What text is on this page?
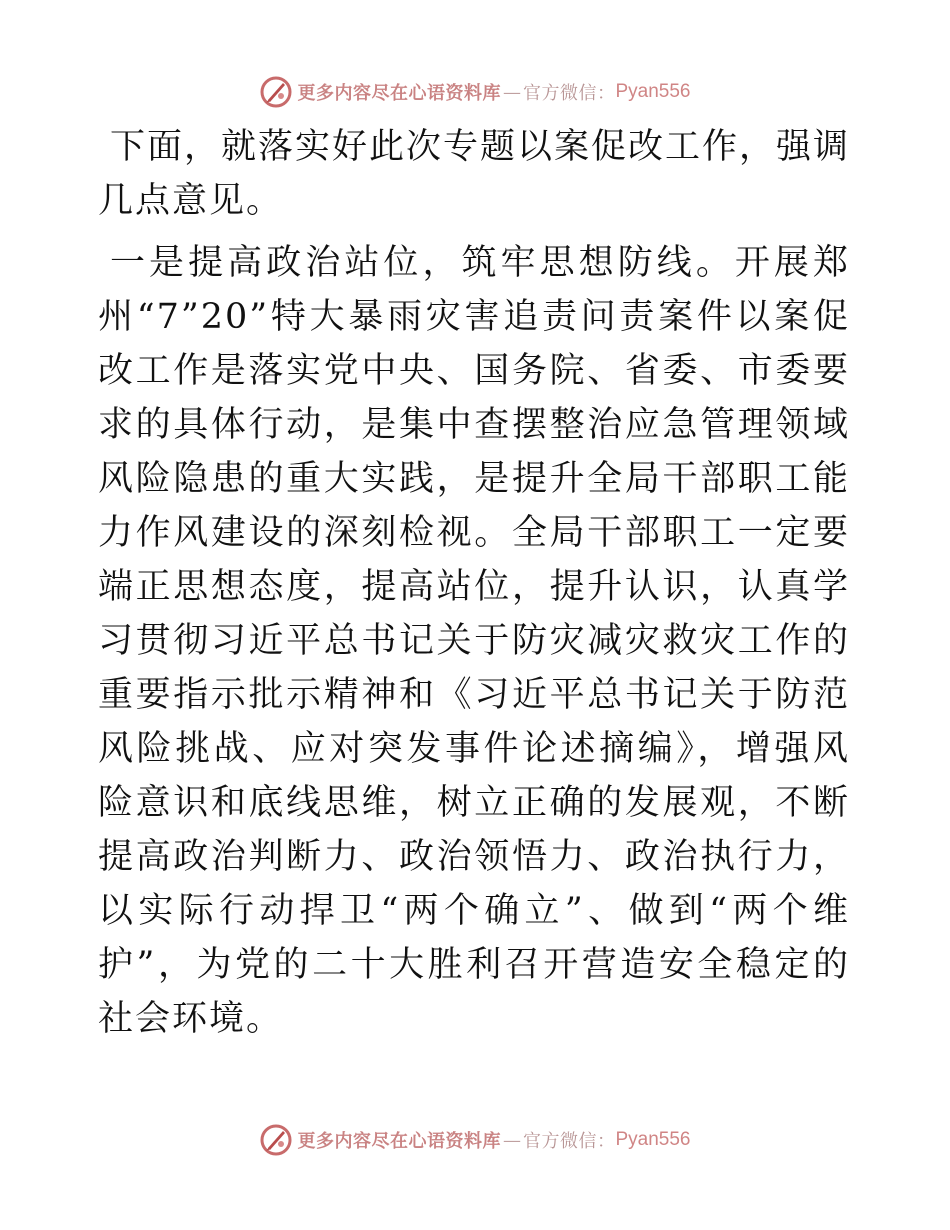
更多内容尽在心语资料库 — 官方微信： Pyan556

下面，就落实好此次专题以案促改工作，强调几点意见。

一是提高政治站位，筑牢思想防线。开展郑州“7”20”特大暴雨灾害追责问责案件以案促改工作是落实党中央、国务院、省委、市委要求的具体行动，是集中查摆整治应急管理领域风险隐患的重大实践，是提升全局干部职工能力作风建设的深刻检视。全局干部职工一定要端正思想态度，提高站位，提升认识，认真学习贯彻习近平总书记关于防灾减灾救灾工作的重要指示批示精神和《习近平总书记关于防范风险挑战、应对突发事件论述摘编》，增强风险意识和底线思维，树立正确的发展观，不断提高政治判断力、政治领悟力、政治执行力，以实际行动捍卫“两个确立”、做到“两个维护”，为党的二十大胜利召开营造安全稳定的社会环境。

更多内容尽在心语资料库 — 官方微信： Pyan556
